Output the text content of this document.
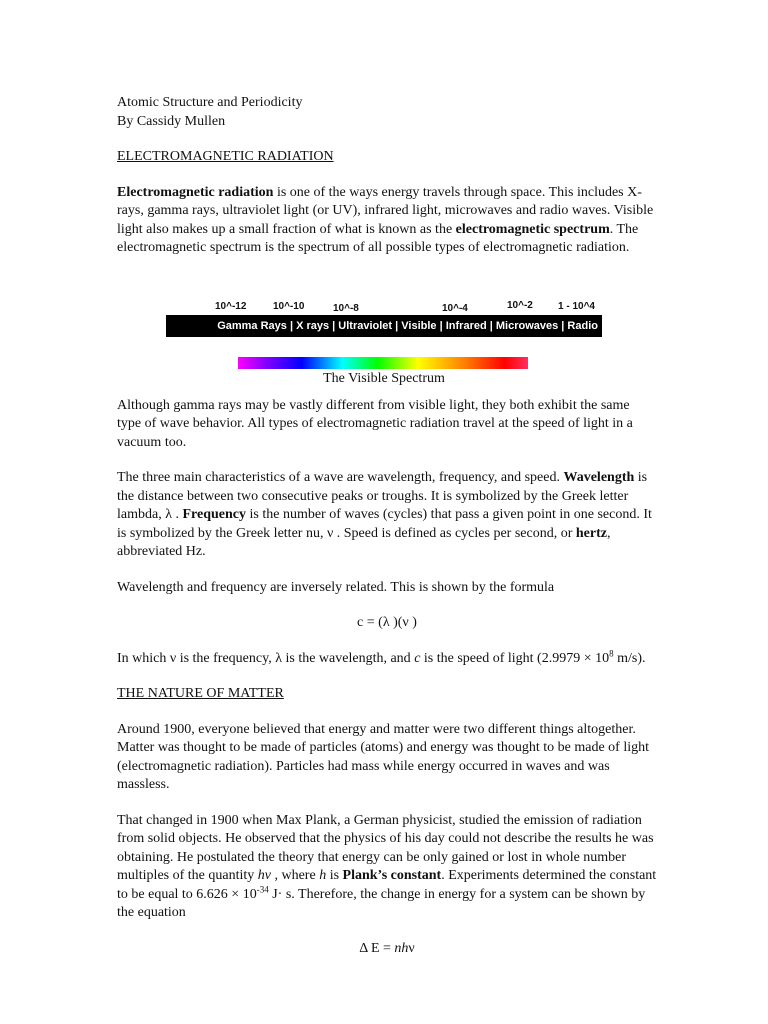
Atomic Structure and Periodicity

By Cassidy Mullen

ELECTROMAGNETIC RADIATION

Electromagnetic radiation is one of the ways energy travels through space. This includes X-rays, gamma rays, ultraviolet light (or UV), infrared light, microwaves and radio waves. Visible light also makes up a small fraction of what is known as the electromagnetic spectrum. The electromagnetic spectrum is the spectrum of all possible types of electromagnetic radiation.

Although gamma rays may be vastly different from visible light, they both exhibit the same type of wave behavior. All types of electromagnetic radiation travel at the speed of light in a vacuum too.

The three main characteristics of a wave are wavelength, frequency, and speed. Wavelength is the distance between two consecutive peaks or troughs. It is symbolized by the Greek letter lambda, λ . Frequency is the number of waves (cycles) that pass a given point in one second. It is symbolized by the Greek letter nu, ν . Speed is defined as cycles per second, or hertz, abbreviated Hz.

Wavelength and frequency are inversely related. This is shown by the formula

c = (λ )(ν )

In which ν is the frequency, λ is the wavelength, and c is the speed of light ($2.9979 \times 10^8$ m/s).

THE NATURE OF MATTER

Around 1900, everyone believed that energy and matter were two different things altogether. Matter was thought to be made of particles (atoms) and energy was thought to be made of light (electromagnetic radiation). Particles had mass while energy occurred in waves and was massless.

That changed in 1900 when Max Plank, a German physicist, studied the emission of radiation from solid objects. He observed that the physics of his day could not describe the results he was obtaining. He postulated the theory that energy can be only gained or lost in whole number multiples of the quantity hν , where h is Plank’s constant. Experiments determined the constant to be equal to $6.626 \times 10^{-34}$ J· s. Therefore, the change in energy for a system can be shown by the equation

Δ E = nhν

10^-12	10^-10	10^-8	10^-4	10^-2	1 - 10^4
Gamma Rays | X rays | Ultraviolet | Visible | Infrared | Microwaves | Radio
The Visible Spectrum
